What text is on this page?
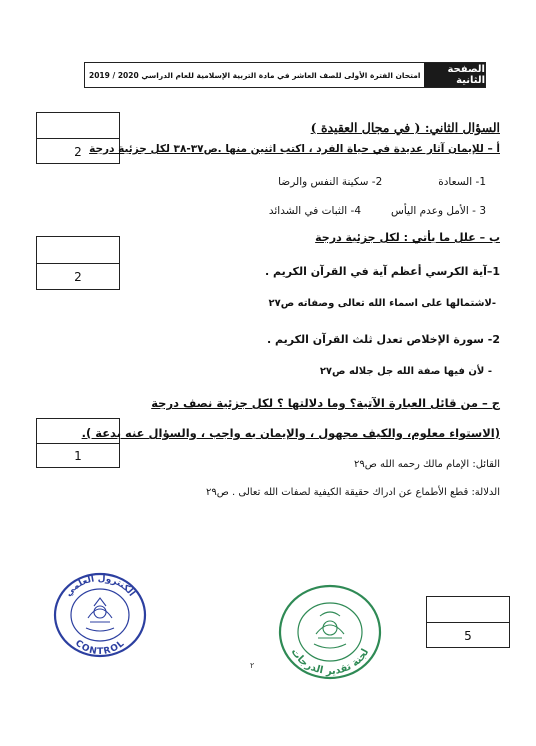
الصفحة الثانية
امتحان الفترة الأولى للصف العاشر في مادة التربية الإسلامية للعام الدراسي 2020 / 2019
2
السؤال الثاني: ( في مجال العقيدة )
أ – للإيمان آثار عديدة في حياة الفرد ، اكتب اثنين منها .ص٣٧-٣٨ لكل جزئية درجة
1- السعادة
2- سكينة النفس والرضا
3 - الأمل وعدم اليأس
4- الثبات في الشدائد
2
ب – علل ما يأتي : لكل جزئية درجة
1–آية الكرسي أعظم آية في القرآن الكريم .
-لاشتمالها على اسماء الله تعالى وصفاته ص٢٧
2- سورة الإخلاص تعدل ثلث القرآن الكريم .
- لأن فيها صفة الله جل جلاله ص٢٧
ج – من قائل العبارة الآتية؟ وما دلالتها ؟ لكل جزئية نصف درجة
1
(الاستواء معلوم، والكيف مجهول ، والإيمان به واجب ، والسؤال عنه بدعة ).
القائل: الإمام مالك رحمه الله ص٢٩
الدلالة: قطع الأطماع عن ادراك حقيقة الكيفية لصفات الله تعالى . ص٢٩
5
الكنترول العلمي
CONTROL
لجنة تقدير الدرجات
٢
